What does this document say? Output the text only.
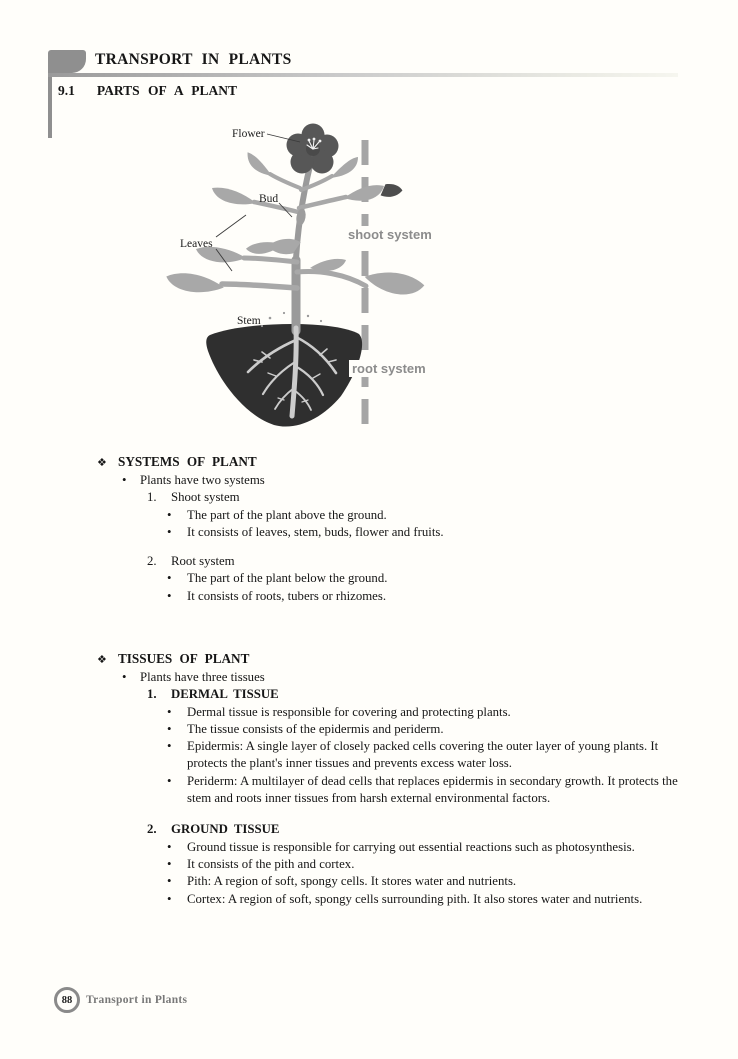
TRANSPORT IN PLANTS
9.1 PARTS OF A PLANT
Flower
Bud
Leaves
Stem
shoot system
root system
❖ SYSTEMS OF PLANT
•	Plants have two systems
1.	Shoot system
•	The part of the plant above the ground.
•	It consists of leaves, stem, buds, flower and fruits.
2.	Root system
•	The part of the plant below the ground.
•	It consists of roots, tubers or rhizomes.
❖ TISSUES OF PLANT
•	Plants have three tissues
1.	DERMAL TISSUE
•	Dermal tissue is responsible for covering and protecting plants.
•	The tissue consists of the epidermis and periderm.
•	Epidermis: A single layer of closely packed cells covering the outer layer of young plants. It protects the plant's inner tissues and prevents excess water loss.
•	Periderm: A multilayer of dead cells that replaces epidermis in secondary growth. It protects the stem and roots inner tissues from harsh external environmental factors.
2.	GROUND TISSUE
•	Ground tissue is responsible for carrying out essential reactions such as photosynthesis.
•	It consists of the pith and cortex.
•	Pith: A region of soft, spongy cells. It stores water and nutrients.
•	Cortex: A region of soft, spongy cells surrounding pith. It also stores water and nutrients.
88 Transport in Plants
